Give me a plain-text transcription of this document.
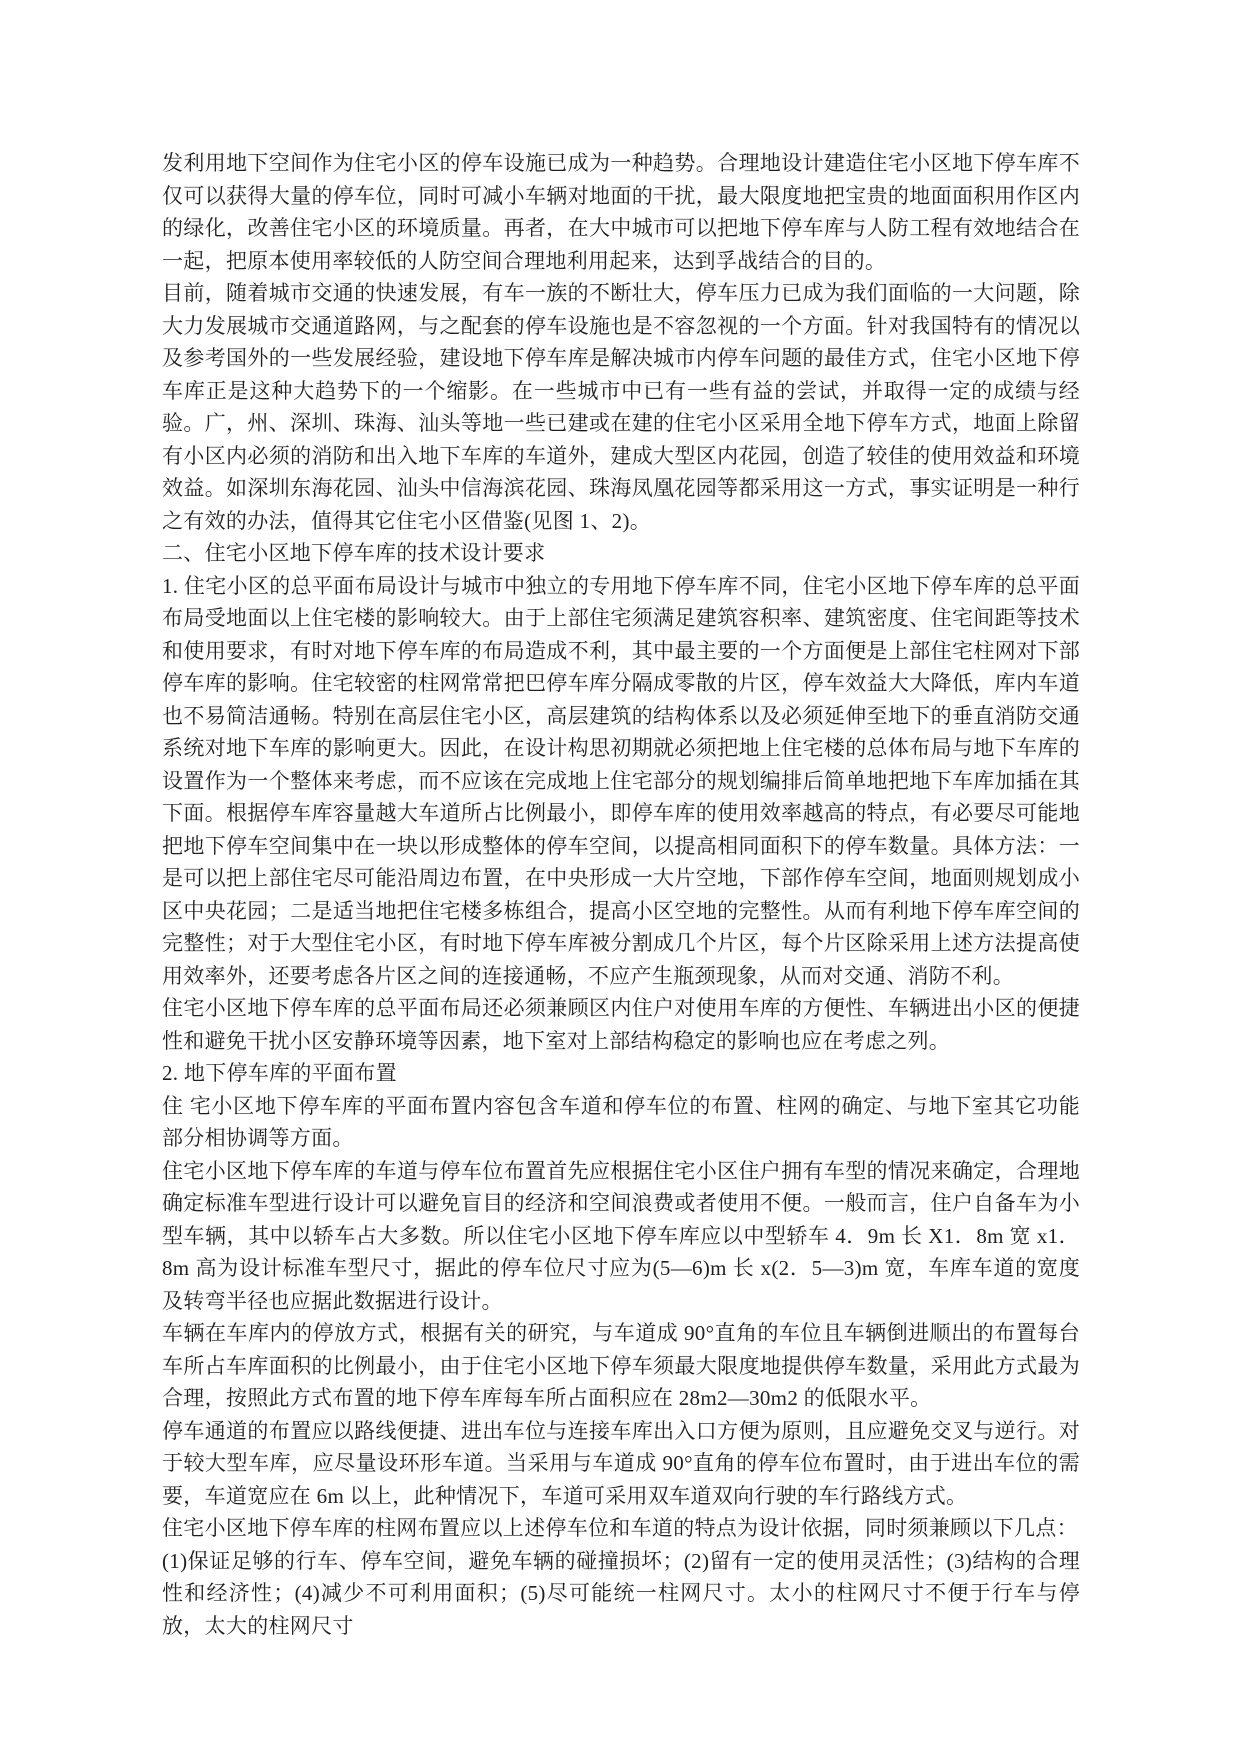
发利用地下空间作为住宅小区的停车设施已成为一种趋势。合理地设计建造住宅小区地下停车库不仅可以获得大量的停车位，同时可减小车辆对地面的干扰，最大限度地把宝贵的地面面积用作区内的绿化，改善住宅小区的环境质量。再者，在大中城市可以把地下停车库与人防工程有效地结合在一起，把原本使用率较低的人防空间合理地利用起来，达到孚战结合的目的。

目前，随着城市交通的快速发展，有车一族的不断壮大，停车压力已成为我们面临的一大问题，除大力发展城市交通道路网，与之配套的停车设施也是不容忽视的一个方面。针对我国特有的情况以及参考国外的一些发展经验，建设地下停车库是解决城市内停车问题的最佳方式，住宅小区地下停车库正是这种大趋势下的一个缩影。在一些城市中已有一些有益的尝试，并取得一定的成绩与经验。广，州、深圳、珠海、汕头等地一些已建或在建的住宅小区采用全地下停车方式，地面上除留有小区内必须的消防和出入地下车库的车道外，建成大型区内花园，创造了较佳的使用效益和环境效益。如深圳东海花园、汕头中信海滨花园、珠海凤凰花园等都采用这一方式，事实证明是一种行之有效的办法，值得其它住宅小区借鉴(见图 1、2)。

二、住宅小区地下停车库的技术设计要求

1. 住宅小区的总平面布局设计与城市中独立的专用地下停车库不同，住宅小区地下停车库的总平面布局受地面以上住宅楼的影响较大。由于上部住宅须满足建筑容积率、建筑密度、住宅间距等技术和使用要求，有时对地下停车库的布局造成不利，其中最主要的一个方面便是上部住宅柱网对下部停车库的影响。住宅较密的柱网常常把巴停车库分隔成零散的片区，停车效益大大降低，库内车道也不易简洁通畅。特别在高层住宅小区，高层建筑的结构体系以及必须延伸至地下的垂直消防交通系统对地下车库的影响更大。因此，在设计构思初期就必须把地上住宅楼的总体布局与地下车库的设置作为一个整体来考虑，而不应该在完成地上住宅部分的规划编排后简单地把地下车库加插在其下面。根据停车库容量越大车道所占比例最小，即停车库的使用效率越高的特点，有必要尽可能地把地下停车空间集中在一块以形成整体的停车空间，以提高相同面积下的停车数量。具体方法：一是可以把上部住宅尽可能沿周边布置，在中央形成一大片空地，下部作停车空间，地面则规划成小区中央花园；二是适当地把住宅楼多栋组合，提高小区空地的完整性。从而有利地下停车库空间的完整性；对于大型住宅小区，有时地下停车库被分割成几个片区，每个片区除采用上述方法提高使用效率外，还要考虑各片区之间的连接通畅，不应产生瓶颈现象，从而对交通、消防不利。

住宅小区地下停车库的总平面布局还必须兼顾区内住户对使用车库的方便性、车辆进出小区的便捷性和避免干扰小区安静环境等因素，地下室对上部结构稳定的影响也应在考虑之列。

2. 地下停车库的平面布置

住 宅小区地下停车库的平面布置内容包含车道和停车位的布置、柱网的确定、与地下室其它功能部分相协调等方面。

住宅小区地下停车库的车道与停车位布置首先应根据住宅小区住户拥有车型的情况来确定，合理地确定标准车型进行设计可以避免盲目的经济和空间浪费或者使用不便。一般而言，住户自备车为小型车辆，其中以轿车占大多数。所以住宅小区地下停车库应以中型轿车 4．9m 长 X1．8m 宽 x1．8m 高为设计标准车型尺寸，据此的停车位尺寸应为(5—6)m 长 x(2．5—3)m 宽，车库车道的宽度及转弯半径也应据此数据进行设计。

车辆在车库内的停放方式，根据有关的研究，与车道成 90°直角的车位且车辆倒进顺出的布置每台车所占车库面积的比例最小，由于住宅小区地下停车须最大限度地提供停车数量，采用此方式最为合理，按照此方式布置的地下停车库每车所占面积应在 28m2—30m2 的低限水平。

停车通道的布置应以路线便捷、进出车位与连接车库出入口方便为原则，且应避免交叉与逆行。对于较大型车库，应尽量设环形车道。当采用与车道成 90°直角的停车位布置时，由于进出车位的需要，车道宽应在 6m 以上，此种情况下，车道可采用双车道双向行驶的车行路线方式。

住宅小区地下停车库的柱网布置应以上述停车位和车道的特点为设计依据，同时须兼顾以下几点：

(1)保证足够的行车、停车空间，避免车辆的碰撞损坏；(2)留有一定的使用灵活性；(3)结构的合理性和经济性；(4)减少不可利用面积；(5)尽可能统一柱网尺寸。太小的柱网尺寸不便于行车与停放，太大的柱网尺寸
